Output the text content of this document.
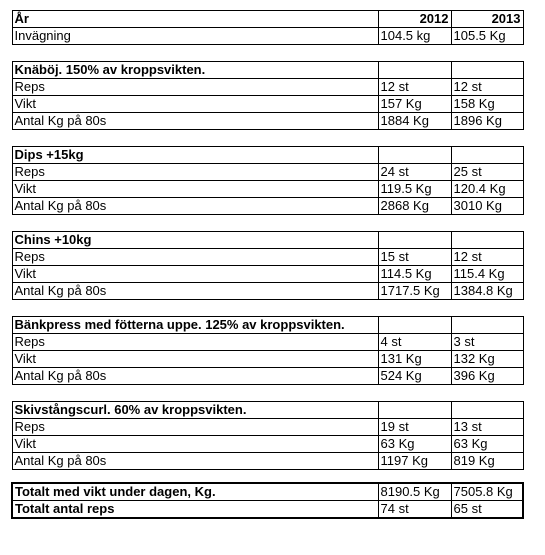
År	2012	2013
Invägning	104.5 kg	105.5 Kg

Knäböj. 150% av kroppsvikten.		
Reps	12 st	12 st
Vikt	157 Kg	158 Kg
Antal Kg på 80s	1884 Kg	1896 Kg

Dips +15kg		
Reps	24 st	25 st
Vikt	119.5 Kg	120.4 Kg
Antal Kg på 80s	2868 Kg	3010 Kg

Chins +10kg		
Reps	15 st	12 st
Vikt	114.5 Kg	115.4 Kg
Antal Kg på 80s	1717.5 Kg	1384.8 Kg

Bänkpress med fötterna uppe. 125% av kroppsvikten.		
Reps	4 st	3 st
Vikt	131 Kg	132 Kg
Antal Kg på 80s	524 Kg	396 Kg

Skivstångscurl. 60% av kroppsvikten.		
Reps	19 st	13 st
Vikt	63 Kg	63 Kg
Antal Kg på 80s	1197 Kg	819 Kg

Totalt med vikt under dagen, Kg.	8190.5 Kg	7505.8 Kg
Totalt antal reps	74 st	65 st
